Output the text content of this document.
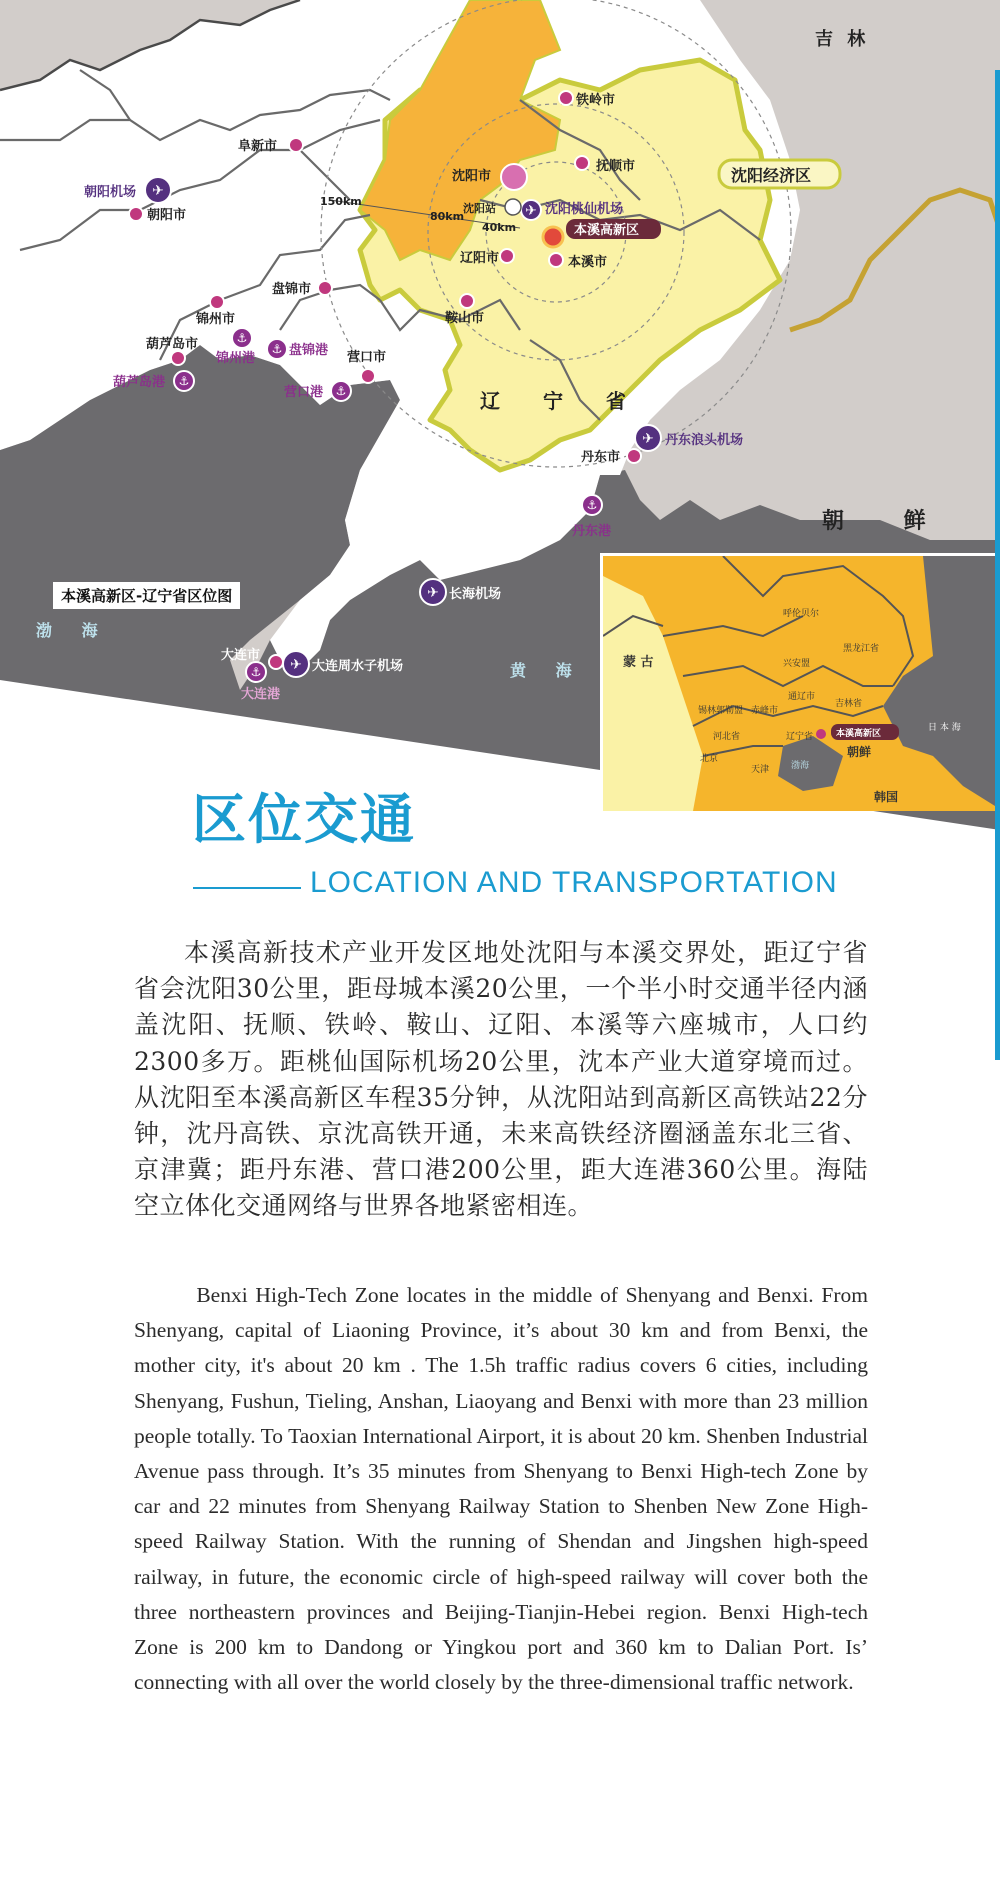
✈
✈
✈
✈
✈
⚓
⚓
⚓
⚓
⚓
⚓
吉 林
铁岭市
阜新市
沈阳市
抚顺市
朝阳机场
朝阳市	沈阳站	沈阳桃仙机场
150km
80km
40km	本溪高新区
辽阳市	本溪市
盘锦市
鞍山市
锦州市
葫芦岛市
锦州港
盘锦港 营口市
葫芦岛港
营口港	辽 宁 省
丹东浪头机场
丹东市
丹东港	朝 鲜
长海机场
渤 海
大连市
大连周水子机场
大连港
黄 海
沈阳经济区
蒙 古
呼伦贝尔
黑龙江省
兴安盟
通辽市
吉林省
锡林郭勒盟 赤峰市
河北省	辽宁省
北京
天津 渤海
本溪高新区
朝鲜
日 本 海
韩国
本溪高新区-辽宁省区位图
区位交通
LOCATION AND TRANSPORTATION

本溪高新技术产业开发区地处沈阳与本溪交界处，距辽宁省省会沈阳30公里，距母城本溪20公里，一个半小时交通半径内涵盖沈阳、抚顺、铁岭、鞍山、辽阳、本溪等六座城市，人口约2300多万。距桃仙国际机场20公里，沈本产业大道穿境而过。从沈阳至本溪高新区车程35分钟，从沈阳站到高新区高铁站22分钟，沈丹高铁、京沈高铁开通，未来高铁经济圈涵盖东北三省、京津冀；距丹东港、营口港200公里，距大连港360公里。海陆空立体化交通网络与世界各地紧密相连。

Benxi High-Tech Zone locates in the middle of Shenyang and Benxi. From Shenyang, capital of Liaoning Province, it’s about 30 km and from Benxi, the mother city, it's about 20 km . The 1.5h traffic radius covers 6 cities, including Shenyang, Fushun, Tieling, Anshan, Liaoyang and Benxi with more than 23 million people totally. To Taoxian International Airport, it is about 20 km. Shenben Industrial Avenue pass through. It’s 35 minutes from Shenyang to Benxi High-tech Zone by car and 22 minutes from Shenyang Railway Station to Shenben New Zone High-speed Railway Station. With the running of Shendan and Jingshen high-speed railway, in future, the economic circle of high-speed railway will cover both the three northeastern provinces and Beijing-Tianjin-Hebei region. Benxi High-tech Zone is 200 km to Dandong or Yingkou port and 360 km to Dalian Port. Is’ connecting with all over the world closely by the three-dimensional traffic network.
